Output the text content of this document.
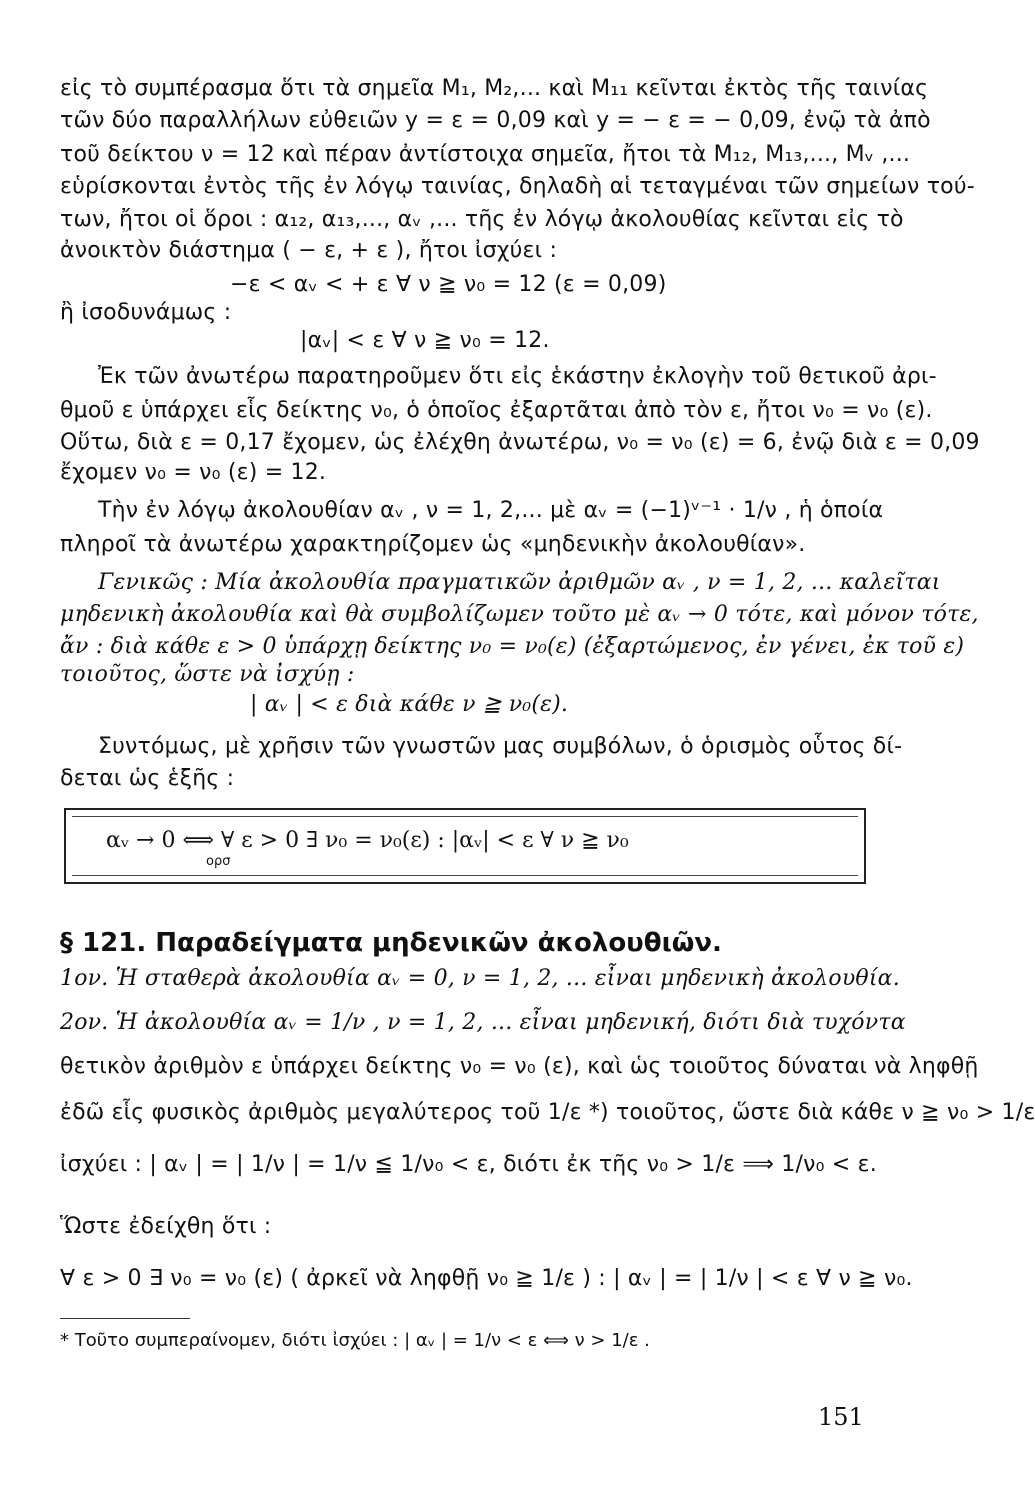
εἰς τὸ συμπέρασμα ὅτι τὰ σημεῖα M₁, M₂,... καὶ M₁₁ κεῖνται ἐκτὸς τῆς ταινίας
τῶν δύο παραλλήλων εὐθειῶν y = ε = 0,09 καὶ y = − ε = − 0,09, ἐνῷ τὰ ἀπὸ
τοῦ δείκτου ν = 12 καὶ πέραν ἀντίστοιχα σημεῖα, ἤτοι τὰ M₁₂, M₁₃,..., Mᵥ ,...
εὑρίσκονται ἐντὸς τῆς ἐν λόγῳ ταινίας, δηλαδὴ αἱ τεταγμέναι τῶν σημείων τού-
των, ἤτοι οἱ ὅροι : α₁₂, α₁₃,..., αᵥ ,... τῆς ἐν λόγῳ ἀκολουθίας κεῖνται εἰς τὸ
ἀνοικτὸν διάστημα ( − ε, + ε ), ἤτοι ἰσχύει :
−ε < αᵥ < + ε ∀ ν ≧ ν₀ = 12 (ε = 0,09)
ἢ ἰσοδυνάμως :
|αᵥ| < ε ∀ ν ≧ ν₀ = 12.
Ἐκ τῶν ἀνωτέρω παρατηροῦμεν ὅτι εἰς ἑκάστην ἐκλογὴν τοῦ θετικοῦ ἀρι-
θμοῦ ε ὑπάρχει εἷς δείκτης ν₀, ὁ ὁποῖος ἐξαρτᾶται ἀπὸ τὸν ε, ἤτοι ν₀ = ν₀ (ε).
Οὕτω, διὰ ε = 0,17 ἔχομεν, ὡς ἐλέχθη ἀνωτέρω, ν₀ = ν₀ (ε) = 6, ἐνῷ διὰ ε = 0,09
ἔχομεν ν₀ = ν₀ (ε) = 12.
Τὴν ἐν λόγῳ ἀκολουθίαν αᵥ , ν = 1, 2,... μὲ αᵥ = (−1)ᵛ⁻¹ · 1/ν , ἡ ὁποία
πληροῖ τὰ ἀνωτέρω χαρακτηρίζομεν ὡς «μηδενικὴν ἀκολουθίαν».
Γενικῶς : Μία ἀκολουθία πραγματικῶν ἀριθμῶν αᵥ , ν = 1, 2, ... καλεῖται
μηδενικὴ ἀκολουθία καὶ θὰ συμβολίζωμεν τοῦτο μὲ αᵥ → 0 τότε, καὶ μόνον τότε,
ἄν : διὰ κάθε ε > 0 ὑπάρχῃ δείκτης ν₀ = ν₀(ε) (ἐξαρτώμενος, ἐν γένει, ἐκ τοῦ ε)
τοιοῦτος, ὥστε νὰ ἰσχύῃ :
| αᵥ | < ε διὰ κάθε ν ≧ ν₀(ε).
Συντόμως, μὲ χρῆσιν τῶν γνωστῶν μας συμβόλων, ὁ ὁρισμὸς οὗτος δί-
δεται ὡς ἑξῆς :
αᵥ → 0 ⟺ ∀ ε > 0 ∃ ν₀ = ν₀(ε) : |αᵥ| < ε ∀ ν ≧ ν₀
ορσ
§ 121. Παραδείγματα μηδενικῶν ἀκολουθιῶν.
1ον. Ἡ σταθερὰ ἀκολουθία αᵥ = 0, ν = 1, 2, ... εἶναι μηδενικὴ ἀκολουθία.
2ον. Ἡ ἀκολουθία αᵥ = 1/ν , ν = 1, 2, ... εἶναι μηδενική, διότι διὰ τυχόντα
θετικὸν ἀριθμὸν ε ὑπάρχει δείκτης ν₀ = ν₀ (ε), καὶ ὡς τοιοῦτος δύναται νὰ ληφθῇ
ἐδῶ εἷς φυσικὸς ἀριθμὸς μεγαλύτερος τοῦ 1/ε *) τοιοῦτος, ὥστε διὰ κάθε ν ≧ ν₀ > 1/ε
ἰσχύει : | αᵥ | = | 1/ν | = 1/ν ≦ 1/ν₀ < ε, διότι ἐκ τῆς ν₀ > 1/ε ⟹ 1/ν₀ < ε.
Ὥστε ἐδείχθη ὅτι :
∀ ε > 0 ∃ ν₀ = ν₀ (ε) ( ἀρκεῖ νὰ ληφθῇ ν₀ ≧ 1/ε ) : | αᵥ | = | 1/ν | < ε ∀ ν ≧ ν₀.
* Τοῦτο συμπεραίνομεν, διότι ἰσχύει : | αᵥ | = 1/ν < ε ⟺ ν > 1/ε .
151
